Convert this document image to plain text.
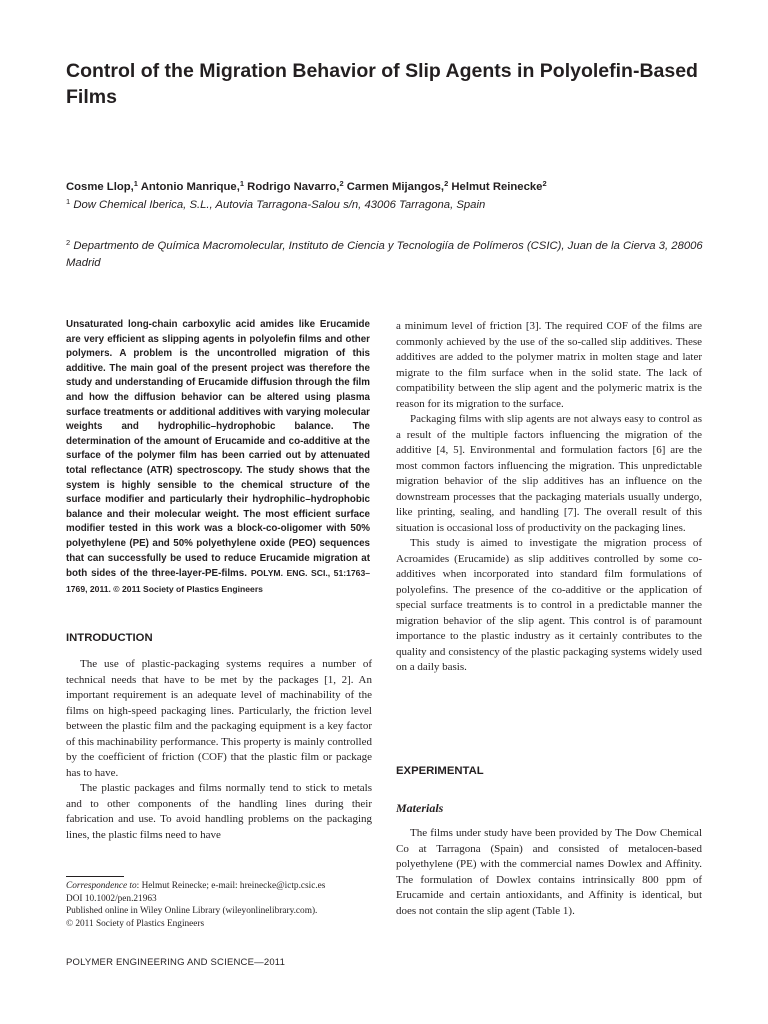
Control of the Migration Behavior of Slip Agents in Polyolefin-Based Films
Cosme Llop,$^1$ Antonio Manrique,$^1$ Rodrigo Navarro,$^2$ Carmen Mijangos,$^2$ Helmut Reinecke$^2$
$^1$ Dow Chemical Iberica, S.L., Autovia Tarragona-Salou s/n, 43006 Tarragona, Spain
$^2$ Departmento de Química Macromolecular, Instituto de Ciencia y Tecnologiía de Polímeros (CSIC), Juan de la Cierva 3, 28006 Madrid

Unsaturated long-chain carboxylic acid amides like Erucamide are very efficient as slipping agents in polyolefin films and other polymers. A problem is the uncontrolled migration of this additive. The main goal of the present project was therefore the study and understanding of Erucamide diffusion through the film and how the diffusion behavior can be altered using plasma surface treatments or additional additives with varying molecular weights and hydrophilic–hydrophobic balance. The determination of the amount of Erucamide and co-additive at the surface of the polymer film has been carried out by attenuated total reflectance (ATR) spectroscopy. The study shows that the system is highly sensible to the chemical structure of the surface modifier and particularly their hydrophilic–hydrophobic balance and their molecular weight. The most efficient surface modifier tested in this work was a block-co-oligomer with 50% polyethylene (PE) and 50% polyethylene oxide (PEO) sequences that can successfully be used to reduce Erucamide migration at both sides of the three-layer-PE-films. POLYM. ENG. SCI., 51:1763–1769, 2011. © 2011 Society of Plastics Engineers

INTRODUCTION

The use of plastic-packaging systems requires a number of technical needs that have to be met by the packages [1, 2]. An important requirement is an adequate level of machinability of the films on high-speed packaging lines. Particularly, the friction level between the plastic film and the packaging equipment is a key factor of this machinability performance. This property is mainly controlled by the coefficient of friction (COF) that the plastic film or package has to have.

The plastic packages and films normally tend to stick to metals and to other components of the handling lines during their fabrication and use. To avoid handling problems on the packaging lines, the plastic films need to have

a minimum level of friction [3]. The required COF of the films are commonly achieved by the use of the so-called slip additives. These additives are added to the polymer matrix in molten stage and later migrate to the film surface when in the solid state. The lack of compatibility between the slip agent and the polymeric matrix is the reason for its migration to the surface.

Packaging films with slip agents are not always easy to control as a result of the multiple factors influencing the migration of the additive [4, 5]. Environmental and formulation factors [6] are the most common factors influencing the migration. This unpredictable migration behavior of the slip additives has an influence on the downstream processes that the packaging materials usually undergo, like printing, sealing, and handling [7]. The overall result of this situation is occasional loss of productivity on the packaging lines.

This study is aimed to investigate the migration process of Acroamides (Erucamide) as slip additives controlled by some co-additives when incorporated into standard film formulations of polyolefins. The presence of the co-additive or the application of special surface treatments is to control in a predictable manner the migration behavior of the slip agent. This control is of paramount importance to the plastic industry as it certainly contributes to the quality and consistency of the plastic packaging systems widely used on a daily basis.

EXPERIMENTAL
Materials

The films under study have been provided by The Dow Chemical Co at Tarragona (Spain) and consisted of metalocen-based polyethylene (PE) with the commercial names Dowlex and Affinity. The formulation of Dowlex contains intrinsically 800 ppm of Erucamide and certain antioxidants, and Affinity is identical, but does not contain the slip agent (Table 1).

Correspondence to: Helmut Reinecke; e-mail: hreinecke@ictp.csic.es
DOI 10.1002/pen.21963
Published online in Wiley Online Library (wileyonlinelibrary.com).
© 2011 Society of Plastics Engineers
POLYMER ENGINEERING AND SCIENCE—2011
